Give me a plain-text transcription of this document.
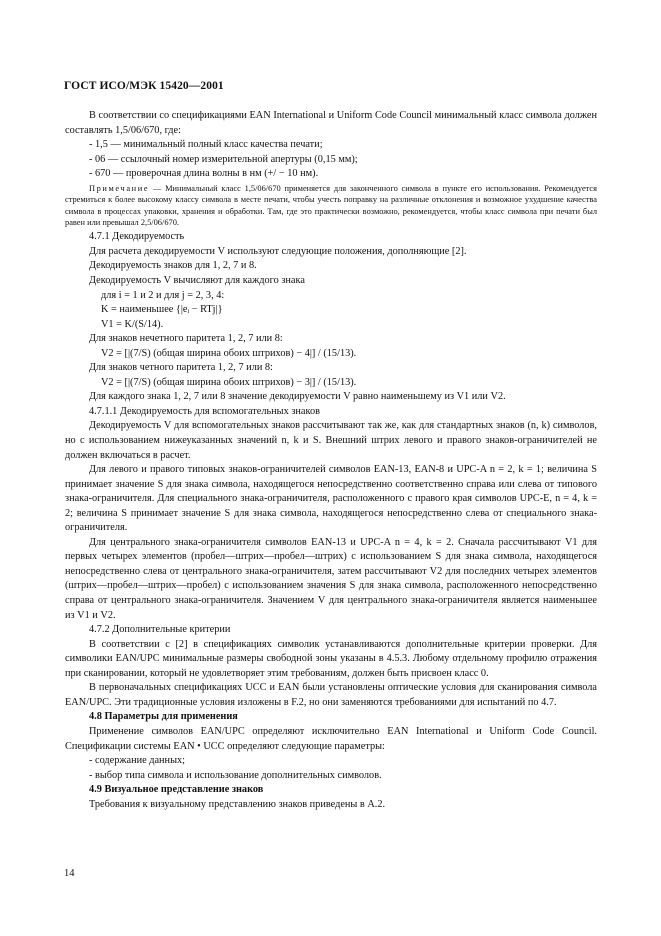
ГОСТ ИСО/МЭК 15420—2001

В соответствии со спецификациями EAN International и Uniform Code Council минимальный класс символа должен составлять 1,5/06/670, где:

- 1,5 — минимальный полный класс качества печати;

- 06 — ссылочный номер измерительной апертуры (0,15 мм);

- 670 — проверочная длина волны в нм (+/ − 10 нм).

Примечание — Минимальный класс 1,5/06/670 применяется для законченного символа в пункте его использования. Рекомендуется стремиться к более высокому классу символа в месте печати, чтобы учесть поправку на различные отклонения и возможное ухудшение качества символа в процессах упаковки, хранения и обработки. Там, где это практически возможно, рекомендуется, чтобы класс символа при печати был равен или превышал 2,5/06/670.

4.7.1 Декодируемость

Для расчета декодируемости V используют следующие положения, дополняющие [2].

Декодируемость знаков для 1, 2, 7 и 8.

Декодируемость V вычисляют для каждого знака

для i = 1 и 2 и для j = 2, 3, 4:

K = наименьшее {|eᵢ − RTj|}

V1 = K/(S/14).

Для знаков нечетного паритета 1, 2, 7 или 8:

V2 = [|(7/S) (общая ширина обоих штрихов) − 4|] / (15/13).

Для знаков четного паритета 1, 2, 7 или 8:

V2 = [|(7/S) (общая ширина обоих штрихов) − 3|] / (15/13).

Для каждого знака 1, 2, 7 или 8 значение декодируемости V равно наименьшему из V1 или V2.

4.7.1.1 Декодируемость для вспомогательных знаков

Декодируемость V для вспомогательных знаков рассчитывают так же, как для стандартных знаков (n, k) символов, но с использованием нижеуказанных значений n, k и S. Внешний штрих левого и правого знаков-ограничителей не должен включаться в расчет.

Для левого и правого типовых знаков-ограничителей символов EAN-13, EAN-8 и UPC-A n = 2, k = 1; величина S принимает значение S для знака символа, находящегося непосредственно соответственно справа или слева от типового знака-ограничителя. Для специального знака-ограничителя, расположенного с правого края символов UPC-E, n = 4, k = 2; величина S принимает значение S для знака символа, находящегося непосредственно слева от специального знака-ограничителя.

Для центрального знака-ограничителя символов EAN-13 и UPC-A n = 4, k = 2. Сначала рассчитывают V1 для первых четырех элементов (пробел—штрих—пробел—штрих) с использованием S для знака символа, находящегося непосредственно слева от центрального знака-ограничителя, затем рассчитывают V2 для последних четырех элементов (штрих—пробел—штрих—пробел) с использованием значения S для знака символа, расположенного непосредственно справа от центрального знака-ограничителя. Значением V для центрального знака-ограничителя является наименьшее из V1 и V2.

4.7.2 Дополнительные критерии

В соответствии с [2] в спецификациях символик устанавливаются дополнительные критерии проверки. Для символики EAN/UPC минимальные размеры свободной зоны указаны в 4.5.3. Любому отдельному профилю отражения при сканировании, который не удовлетворяет этим требованиям, должен быть присвоен класс 0.

В первоначальных спецификациях UCC и EAN были установлены оптические условия для сканирования символа EAN/UPC. Эти традиционные условия изложены в F.2, но они заменяются требованиями для испытаний по 4.7.

4.8 Параметры для применения

Применение символов EAN/UPC определяют исключительно EAN International и Uniform Code Council. Спецификации системы EAN • UCC определяют следующие параметры:

- содержание данных;

- выбор типа символа и использование дополнительных символов.

4.9 Визуальное представление знаков

Требования к визуальному представлению знаков приведены в А.2.

14
